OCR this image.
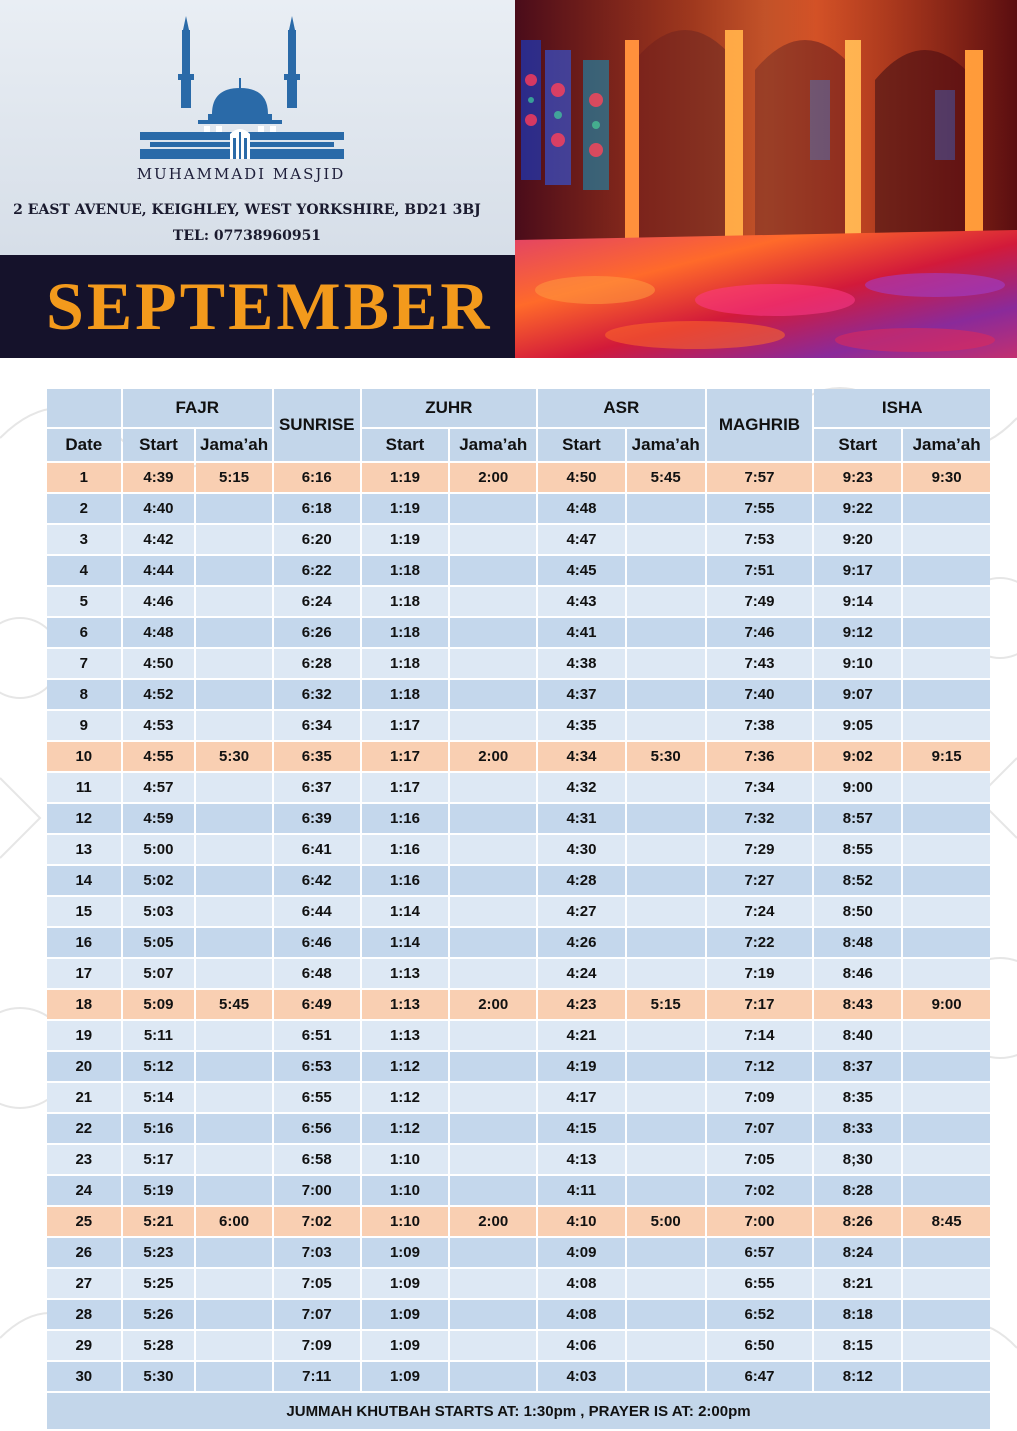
MUHAMMADI MASJID
2 EAST AVENUE, KEIGHLEY, WEST YORKSHIRE, BD21 3BJ
TEL: 07738960951
SEPTEMBER
	FAJR		SUNRISE	ZUHR		ASR		MAGHRIB	ISHA	
Date	Start	Jama’ah		Start	Jama’ah	Start	Jama’ah		Start	Jama’ah
1	4:39	5:15	6:16	1:19	2:00	4:50	5:45	7:57	9:23	9:30
2	4:40		6:18	1:19		4:48		7:55	9:22	
3	4:42		6:20	1:19		4:47		7:53	9:20	
4	4:44		6:22	1:18		4:45		7:51	9:17	
5	4:46		6:24	1:18		4:43		7:49	9:14	
6	4:48		6:26	1:18		4:41		7:46	9:12	
7	4:50		6:28	1:18		4:38		7:43	9:10	
8	4:52		6:32	1:18		4:37		7:40	9:07	
9	4:53		6:34	1:17		4:35		7:38	9:05	
10	4:55	5:30	6:35	1:17	2:00	4:34	5:30	7:36	9:02	9:15
11	4:57		6:37	1:17		4:32		7:34	9:00	
12	4:59		6:39	1:16		4:31		7:32	8:57	
13	5:00		6:41	1:16		4:30		7:29	8:55	
14	5:02		6:42	1:16		4:28		7:27	8:52	
15	5:03		6:44	1:14		4:27		7:24	8:50	
16	5:05		6:46	1:14		4:26		7:22	8:48	
17	5:07		6:48	1:13		4:24		7:19	8:46	
18	5:09	5:45	6:49	1:13	2:00	4:23	5:15	7:17	8:43	9:00
19	5:11		6:51	1:13		4:21		7:14	8:40	
20	5:12		6:53	1:12		4:19		7:12	8:37	
21	5:14		6:55	1:12		4:17		7:09	8:35	
22	5:16		6:56	1:12		4:15		7:07	8:33	
23	5:17		6:58	1:10		4:13		7:05	8;30	
24	5:19		7:00	1:10		4:11		7:02	8:28	
25	5:21	6:00	7:02	1:10	2:00	4:10	5:00	7:00	8:26	8:45
26	5:23		7:03	1:09		4:09		6:57	8:24	
27	5:25		7:05	1:09		4:08		6:55	8:21	
28	5:26		7:07	1:09		4:08		6:52	8:18	
29	5:28		7:09	1:09		4:06		6:50	8:15	
30	5:30		7:11	1:09		4:03		6:47	8:12	
JUMMAH KHUTBAH STARTS AT: 1:30pm , PRAYER IS AT: 2:00pm										
